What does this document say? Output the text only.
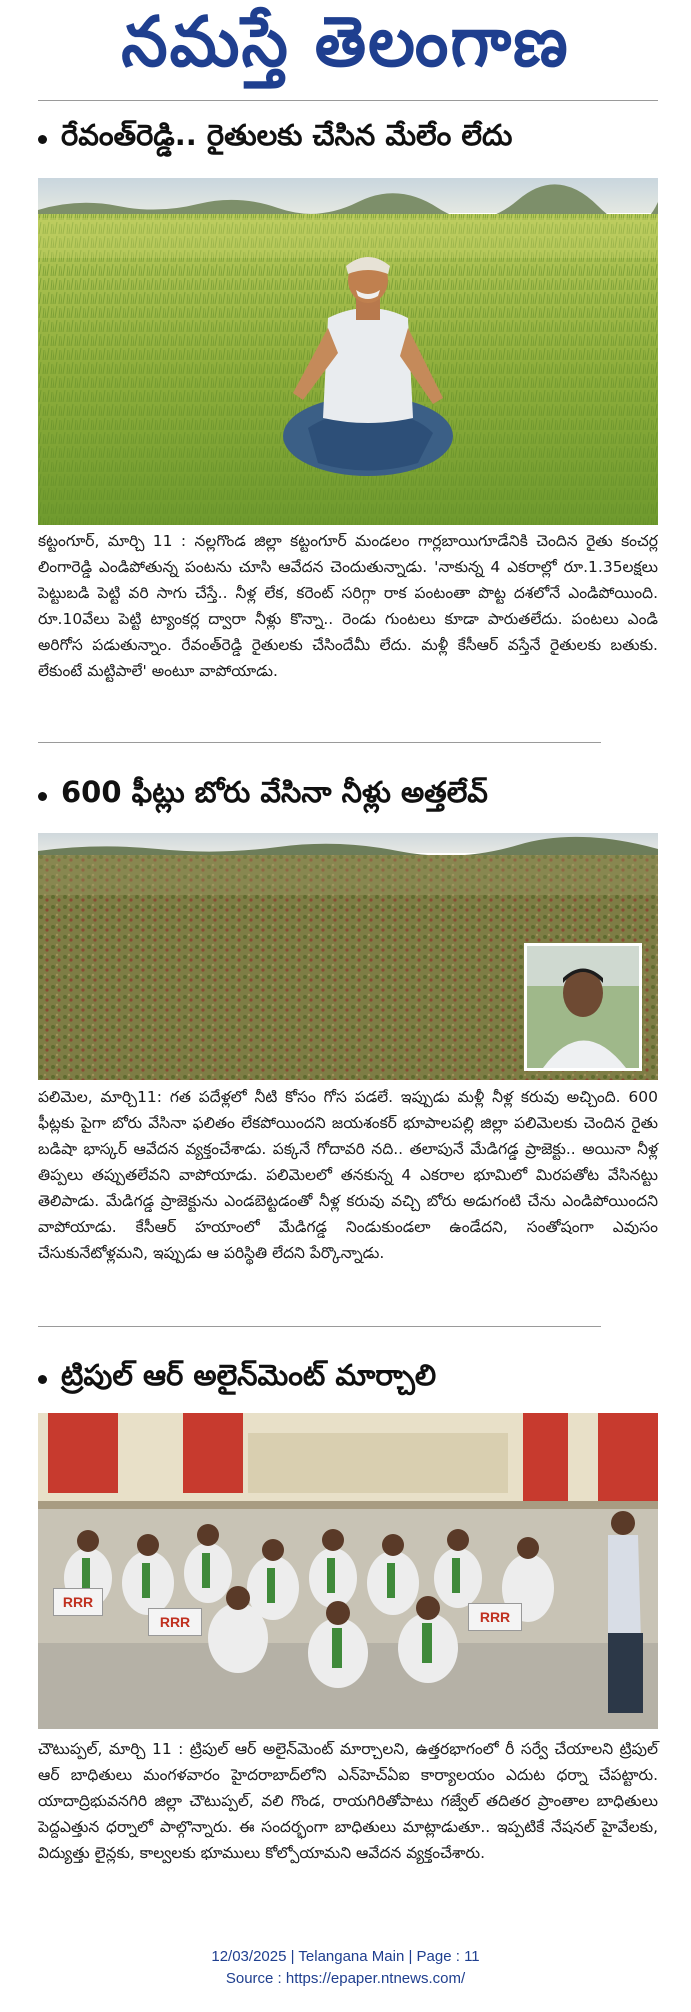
నమస్తే తెలంగాణ
రేవంత్‌రెడ్డి.. రైతులకు చేసిన మేలేం లేదు
కట్టంగూర్, మార్చి 11 : నల్లగొండ జిల్లా కట్టంగూర్ మండలం గార్లబాయిగూడేనికి చెందిన రైతు కంచర్ల లింగారెడ్డి ఎండిపోతున్న పంటను చూసి ఆవేదన చెందుతున్నాడు. 'నాకున్న 4 ఎకరాల్లో రూ.1.35లక్షలు పెట్టుబడి పెట్టి వరి సాగు చేస్తే.. నీళ్ల లేక, కరెంట్ సరిగ్గా రాక పంటంతా పొట్ట దశలోనే ఎండిపోయింది. రూ.10వేలు పెట్టి ట్యాంకర్ల ద్వారా నీళ్లు కొన్నా.. రెండు గుంటలు కూడా పారుతలేదు. పంటలు ఎండి అరిగోస పడుతున్నాం. రేవంత్‌రెడ్డి రైతులకు చేసిందేమీ లేదు. మళ్లీ కేసీఆర్ వస్తేనే రైతులకు బతుకు. లేకుంటే మట్టిపాలే' అంటూ వాపోయాడు.
600 ఫీట్లు బోరు వేసినా నీళ్లు అత్తలేవ్
పలిమెల, మార్చి11: గత పదేళ్లలో నీటి కోసం గోస పడలే. ఇప్పుడు మళ్లీ నీళ్ల కరువు అచ్చింది. 600 ఫీట్లకు పైగా బోరు వేసినా ఫలితం లేకపోయిందని జయశంకర్ భూపాలపల్లి జిల్లా పలిమెలకు చెందిన రైతు బడిషా భాస్కర్ ఆవేదన వ్యక్తంచేశాడు. పక్కనే గోదావరి నది.. తలాపునే మేడిగడ్డ ప్రాజెక్టు.. అయినా నీళ్ల తిప్పలు తప్పుతలేవని వాపోయాడు. పలిమెలలో తనకున్న 4 ఎకరాల భూమిలో మిరపతోట వేసినట్టు తెలిపాడు. మేడిగడ్డ ప్రాజెక్టును ఎండబెట్టడంతో నీళ్ల కరువు వచ్చి బోరు అడుగంటి చేను ఎండిపోయిందని వాపోయాడు. కేసీఆర్ హయాంలో మేడిగడ్డ నిండుకుండలా ఉండేదని, సంతోషంగా ఎవుసం చేసుకునేటోళ్లమని, ఇప్పుడు ఆ పరిస్థితి లేదని పేర్కొన్నాడు.
ట్రిపుల్ ఆర్ అలైన్‌మెంట్ మార్చాలి
RRR
RRR	RRR
చౌటుప్పల్, మార్చి 11 : ట్రిపుల్ ఆర్ అలైన్‌మెంట్ మార్చాలని, ఉత్తరభాగంలో రీ సర్వే చేయాలని ట్రిపుల్ ఆర్ బాధితులు మంగళవారం హైదరాబాద్‌లోని ఎన్‌హెచ్‌ఏఐ కార్యాలయం ఎదుట ధర్నా చేపట్టారు. యాదాద్రిభువనగిరి జిల్లా చౌటుప్పల్, వలి గొండ, రాయగిరితోపాటు గజ్వేల్ తదితర ప్రాంతాల బాధితులు పెద్దఎత్తున ధర్నాలో పాల్గొన్నారు. ఈ సందర్భంగా బాధితులు మాట్లాడుతూ.. ఇప్పటికే నేషనల్ హైవేలకు, విద్యుత్తు లైన్లకు, కాల్వలకు భూములు కోల్పోయామని ఆవేదన వ్యక్తంచేశారు.
12/03/2025 | Telangana Main | Page : 11
Source : https://epaper.ntnews.com/
